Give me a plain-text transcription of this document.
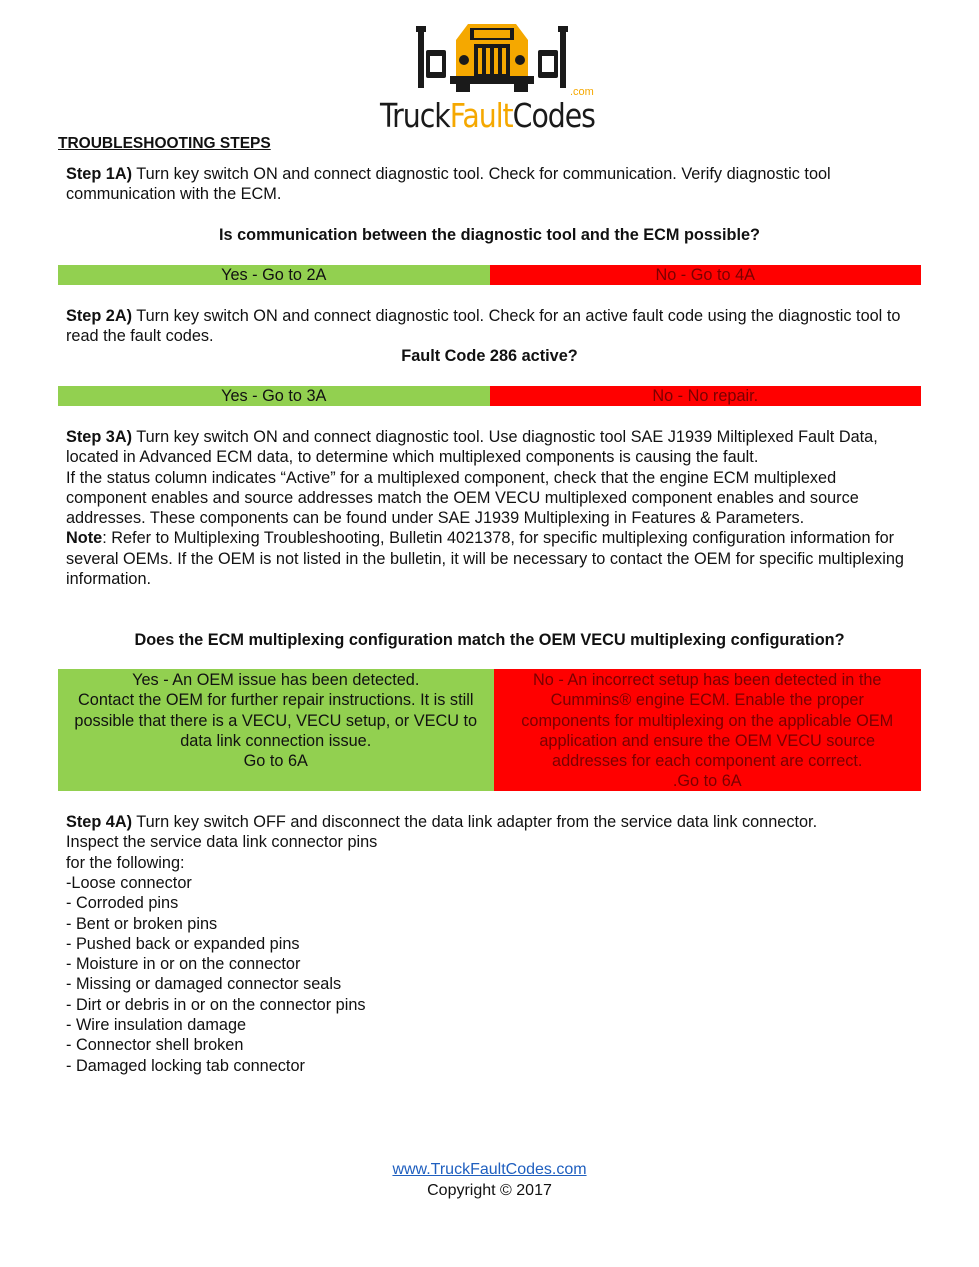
TruckFaultCodes
.com
TROUBLESHOOTING STEPS
Step 1A) Turn key switch ON and connect diagnostic tool. Check for communication. Verify diagnostic tool communication with the ECM.
Is communication between the diagnostic tool and the ECM possible?
Yes - Go to 2A	No - Go to 4A
Step 2A) Turn key switch ON and connect diagnostic tool. Check for an active fault code using the diagnostic tool to read the fault codes.
Fault Code 286 active?
Yes - Go to 3A	No - No repair.
Step 3A) Turn key switch ON and connect diagnostic tool. Use diagnostic tool SAE J1939 Miltiplexed Fault Data, located in Advanced ECM data, to determine which multiplexed components is causing the fault.
If the status column indicates “Active” for a multiplexed component, check that the engine ECM multiplexed component enables and source addresses match the OEM VECU multiplexed component enables and source addresses. These components can be found under SAE J1939 Multiplexing in Features & Parameters.
Note: Refer to Multiplexing Troubleshooting, Bulletin 4021378, for specific multiplexing configuration information for several OEMs. If the OEM is not listed in the bulletin, it will be necessary to contact the OEM for specific multiplexing information.
Does the ECM multiplexing configuration match the OEM VECU multiplexing configuration?
Yes - An OEM issue has been detected.
Contact the OEM for further repair instructions. It is still possible that there is a VECU, VECU setup, or VECU to data link connection issue.
Go to 6A
No - An incorrect setup has been detected in the Cummins® engine ECM. Enable the proper components for multiplexing on the applicable OEM application and ensure the OEM VECU source addresses for each component are correct.
.Go to 6A
Step 4A) Turn key switch OFF and disconnect the data link adapter from the service data link connector.
Inspect the service data link connector pins
for the following:
-Loose connector
- Corroded pins
- Bent or broken pins
- Pushed back or expanded pins
- Moisture in or on the connector
- Missing or damaged connector seals
- Dirt or debris in or on the connector pins
- Wire insulation damage
- Connector shell broken
- Damaged locking tab connector
www.TruckFaultCodes.com
Copyright © 2017
